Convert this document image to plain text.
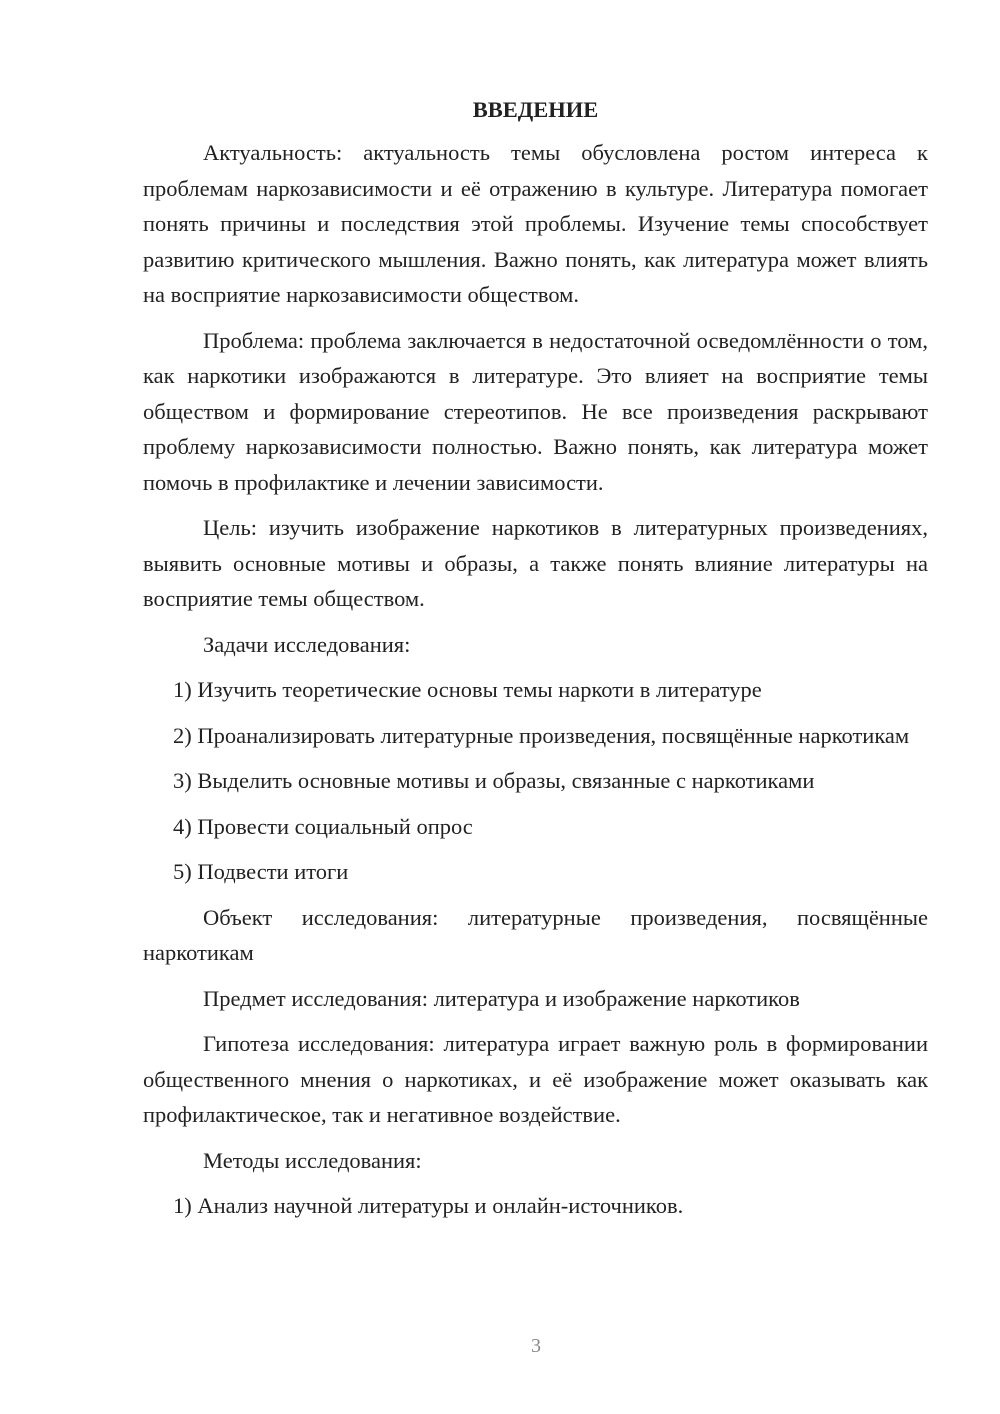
ВВЕДЕНИЕ
Актуальность: актуальность темы обусловлена ростом интереса к проблемам наркозависимости и её отражению в культуре. Литература помогает понять причины и последствия этой проблемы. Изучение темы способствует развитию критического мышления. Важно понять, как литература может влиять на восприятие наркозависимости обществом.
Проблема: проблема заключается в недостаточной осведомлённости о том, как наркотики изображаются в литературе. Это влияет на восприятие темы обществом и формирование стереотипов. Не все произведения раскрывают проблему наркозависимости полностью. Важно понять, как литература может помочь в профилактике и лечении зависимости.
Цель: изучить изображение наркотиков в литературных произведениях, выявить основные мотивы и образы, а также понять влияние литературы на восприятие темы обществом.
Задачи исследования:
1) Изучить теоретические основы темы наркоти в литературе
2) Проанализировать литературные произведения, посвящённые наркотикам
3) Выделить основные мотивы и образы, связанные с наркотиками
4) Провести социальный опрос
5) Подвести итоги
Объект исследования: литературные произведения, посвящённые наркотикам
Предмет исследования: литература и изображение наркотиков
Гипотеза исследования: литература играет важную роль в формировании общественного мнения о наркотиках, и её изображение может оказывать как профилактическое, так и негативное воздействие.
Методы исследования:
1) Анализ научной литературы и онлайн-источников.
3
